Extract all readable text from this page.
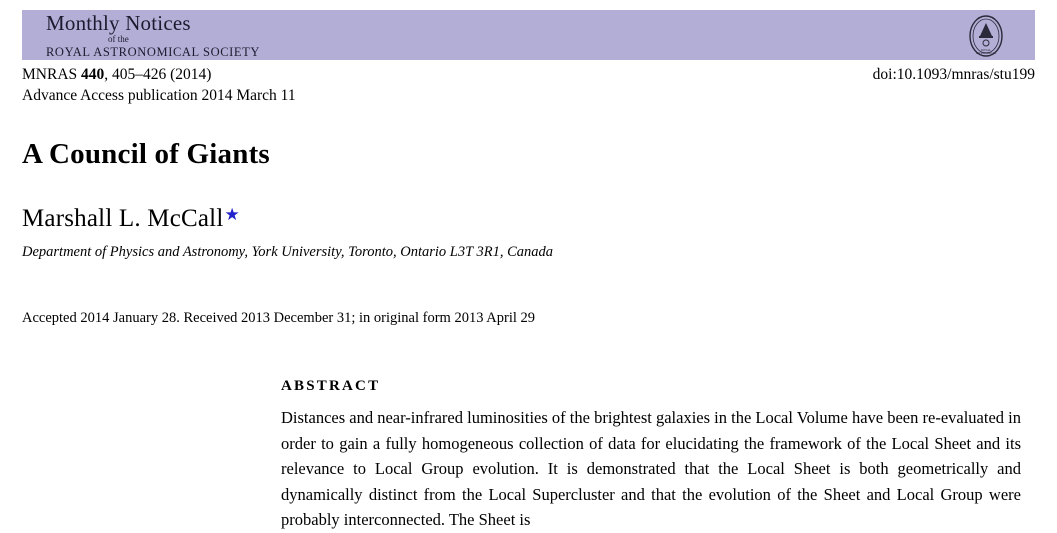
Monthly Notices
of the
ROYAL ASTRONOMICAL SOCIETY	ROYAL
ASTRONOMICAL
doi:10.1093/mnras/stu199
MNRAS 440, 405–426 (2014)
Advance Access publication 2014 March 11
A Council of Giants
Marshall L. McCall★
Department of Physics and Astronomy, York University, Toronto, Ontario L3T 3R1, Canada
Accepted 2014 January 28. Received 2013 December 31; in original form 2013 April 29
ABSTRACT
Distances and near-infrared luminosities of the brightest galaxies in the Local Volume have been re-evaluated in order to gain a fully homogeneous collection of data for elucidating the framework of the Local Sheet and its relevance to Local Group evolution. It is demonstrated that the Local Sheet is both geometrically and dynamically distinct from the Local Supercluster and that the evolution of the Sheet and Local Group were probably interconnected. The Sheet is
